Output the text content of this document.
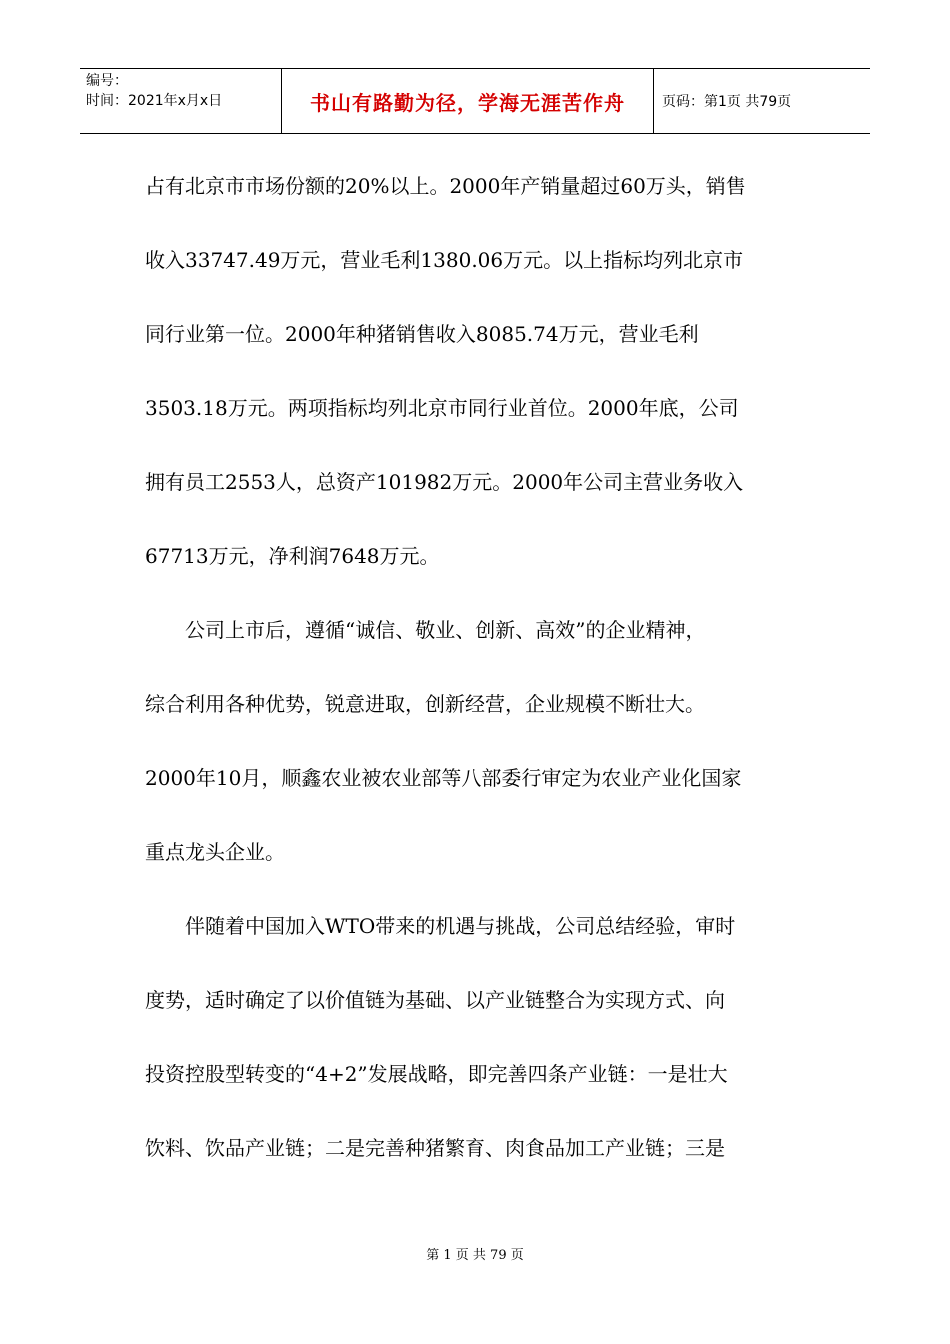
编号：
时间：2021年x月x日	书山有路勤为径，学海无涯苦作舟	页码：第1页 共79页
占有北京市市场份额的20%以上。2000年产销量超过60万头，销售
收入33747.49万元，营业毛利1380.06万元。以上指标均列北京市
同行业第一位。2000年种猪销售收入8085.74万元，营业毛利
3503.18万元。两项指标均列北京市同行业首位。2000年底，公司
拥有员工2553人，总资产101982万元。2000年公司主营业务收入
67713万元，净利润7648万元。
　　公司上市后，遵循“诚信、敬业、创新、高效”的企业精神，
综合利用各种优势，锐意进取，创新经营，企业规模不断壮大。
2000年10月，顺鑫农业被农业部等八部委行审定为农业产业化国家
重点龙头企业。
　　伴随着中国加入WTO带来的机遇与挑战，公司总结经验，审时
度势，适时确定了以价值链为基础、以产业链整合为实现方式、向
投资控股型转变的“4+2”发展战略，即完善四条产业链：一是壮大
饮料、饮品产业链；二是完善种猪繁育、肉食品加工产业链；三是
第 1 页 共 79 页
